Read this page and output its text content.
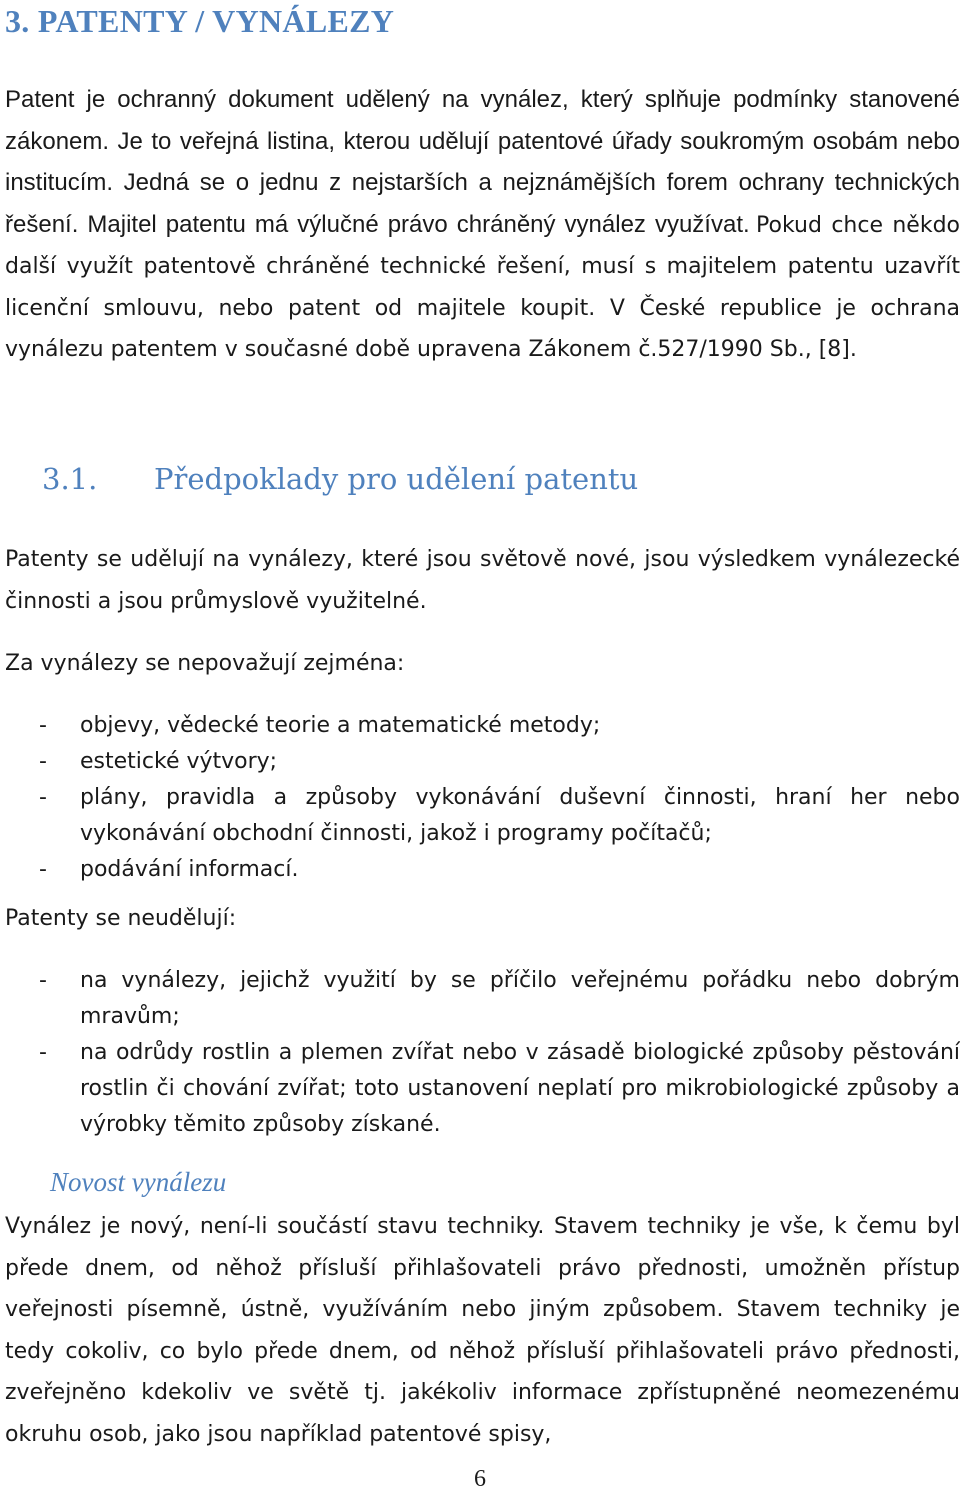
3. PATENTY / VYNÁLEZY

Patent je ochranný dokument udělený na vynález, který splňuje podmínky stanovené zákonem. Je to veřejná listina, kterou udělují patentové úřady soukromým osobám nebo institucím. Jedná se o jednu z nejstarších a nejznámějších forem ochrany technických řešení. Majitel patentu má výlučné právo chráněný vynález využívat. Pokud chce někdo další využít patentově chráněné technické řešení, musí s majitelem patentu uzavřít licenční smlouvu, nebo patent od majitele koupit. V České republice je ochrana vynálezu patentem v současné době upravena Zákonem č.527/1990 Sb., [8].

3.1. Předpoklady pro udělení patentu

Patenty se udělují na vynálezy, které jsou světově nové, jsou výsledkem vynálezecké činnosti a jsou průmyslově využitelné.

Za vynálezy se nepovažují zejména:

- objevy, vědecké teorie a matematické metody;
- estetické výtvory;
- plány, pravidla a způsoby vykonávání duševní činnosti, hraní her nebo vykonávání obchodní činnosti, jakož i programy počítačů;
- podávání informací.

Patenty se neudělují:

- na vynálezy, jejichž využití by se příčilo veřejnému pořádku nebo dobrým mravům;
- na odrůdy rostlin a plemen zvířat nebo v zásadě biologické způsoby pěstování rostlin či chování zvířat; toto ustanovení neplatí pro mikrobiologické způsoby a výrobky těmito způsoby získané.
Novost vynálezu

Vynález je nový, není-li součástí stavu techniky. Stavem techniky je vše, k čemu byl přede dnem, od něhož přísluší přihlašovateli právo přednosti, umožněn přístup veřejnosti písemně, ústně, využíváním nebo jiným způsobem. Stavem techniky je tedy cokoliv, co bylo přede dnem, od něhož přísluší přihlašovateli právo přednosti, zveřejněno kdekoliv ve světě tj. jakékoliv informace zpřístupněné neomezenému okruhu osob, jako jsou například patentové spisy,

6
